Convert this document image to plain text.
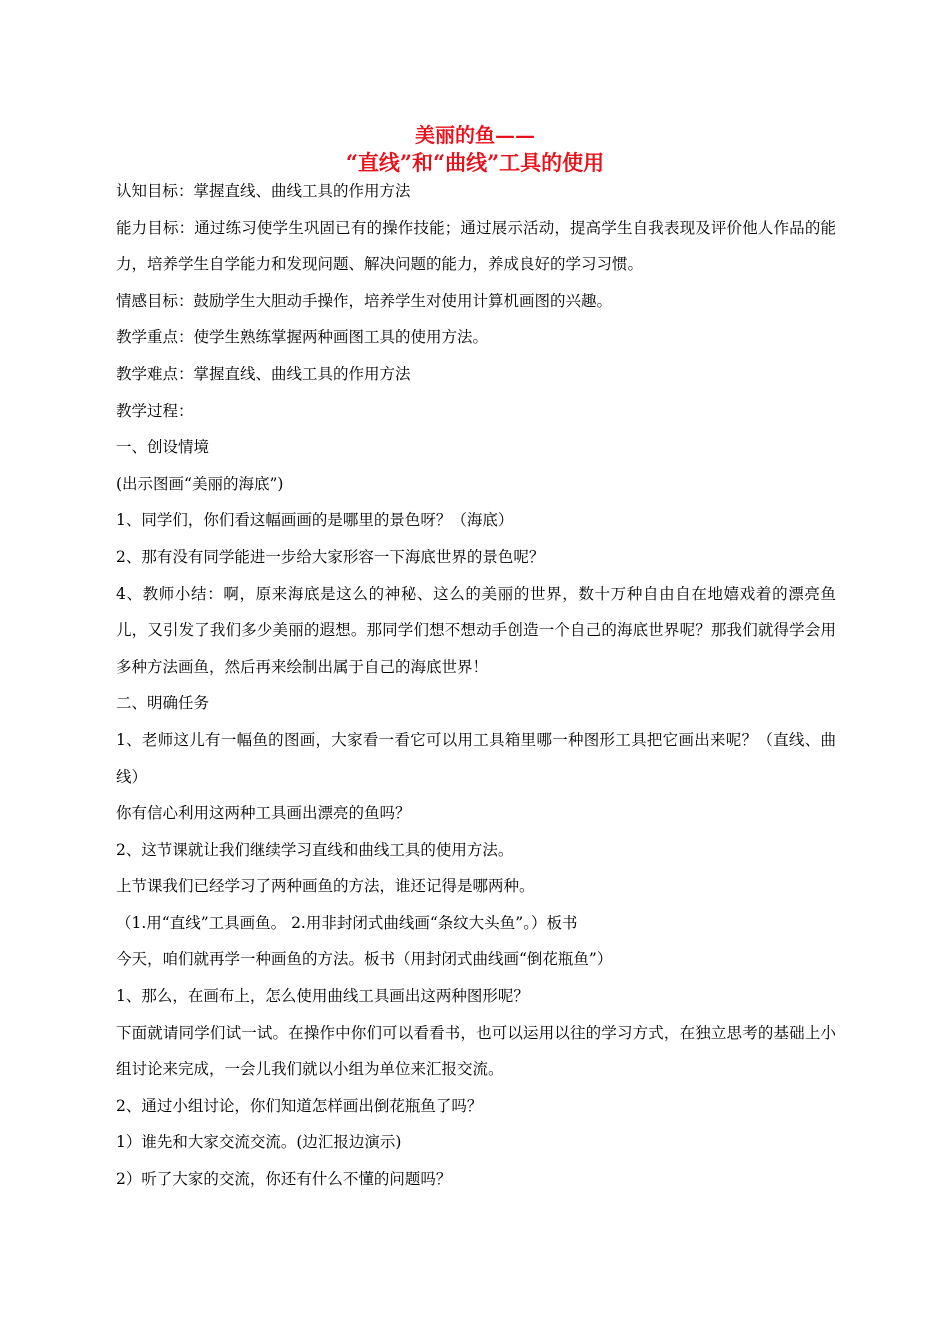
美丽的鱼——
“直线”和“曲线”工具的使用

认知目标：掌握直线、曲线工具的作用方法

能力目标：通过练习使学生巩固已有的操作技能；通过展示活动，提高学生自我表现及评价他人作品的能力，培养学生自学能力和发现问题、解决问题的能力，养成良好的学习习惯。

情感目标：鼓励学生大胆动手操作，培养学生对使用计算机画图的兴趣。

教学重点：使学生熟练掌握两种画图工具的使用方法。

教学难点：掌握直线、曲线工具的作用方法

教学过程：

一、创设情境

(出示图画“美丽的海底”)

1、同学们，你们看这幅画画的是哪里的景色呀？（海底）

2、那有没有同学能进一步给大家形容一下海底世界的景色呢？

4、教师小结：啊，原来海底是这么的神秘、这么的美丽的世界，数十万种自由自在地嬉戏着的漂亮鱼儿，又引发了我们多少美丽的遐想。那同学们想不想动手创造一个自己的海底世界呢？那我们就得学会用多种方法画鱼，然后再来绘制出属于自己的海底世界！

二、明确任务

1、老师这儿有一幅鱼的图画，大家看一看它可以用工具箱里哪一种图形工具把它画出来呢？（直线、曲线）

你有信心利用这两种工具画出漂亮的鱼吗？

2、这节课就让我们继续学习直线和曲线工具的使用方法。

上节课我们已经学习了两种画鱼的方法，谁还记得是哪两种。

（1.用“直线”工具画鱼。 2.用非封闭式曲线画“条纹大头鱼”。）板书

今天，咱们就再学一种画鱼的方法。板书（用封闭式曲线画“倒花瓶鱼”）

1、那么，在画布上，怎么使用曲线工具画出这两种图形呢？

下面就请同学们试一试。在操作中你们可以看看书，也可以运用以往的学习方式，在独立思考的基础上小组讨论来完成，一会儿我们就以小组为单位来汇报交流。

2、通过小组讨论，你们知道怎样画出倒花瓶鱼了吗？

1）谁先和大家交流交流。(边汇报边演示)

2）听了大家的交流，你还有什么不懂的问题吗？
